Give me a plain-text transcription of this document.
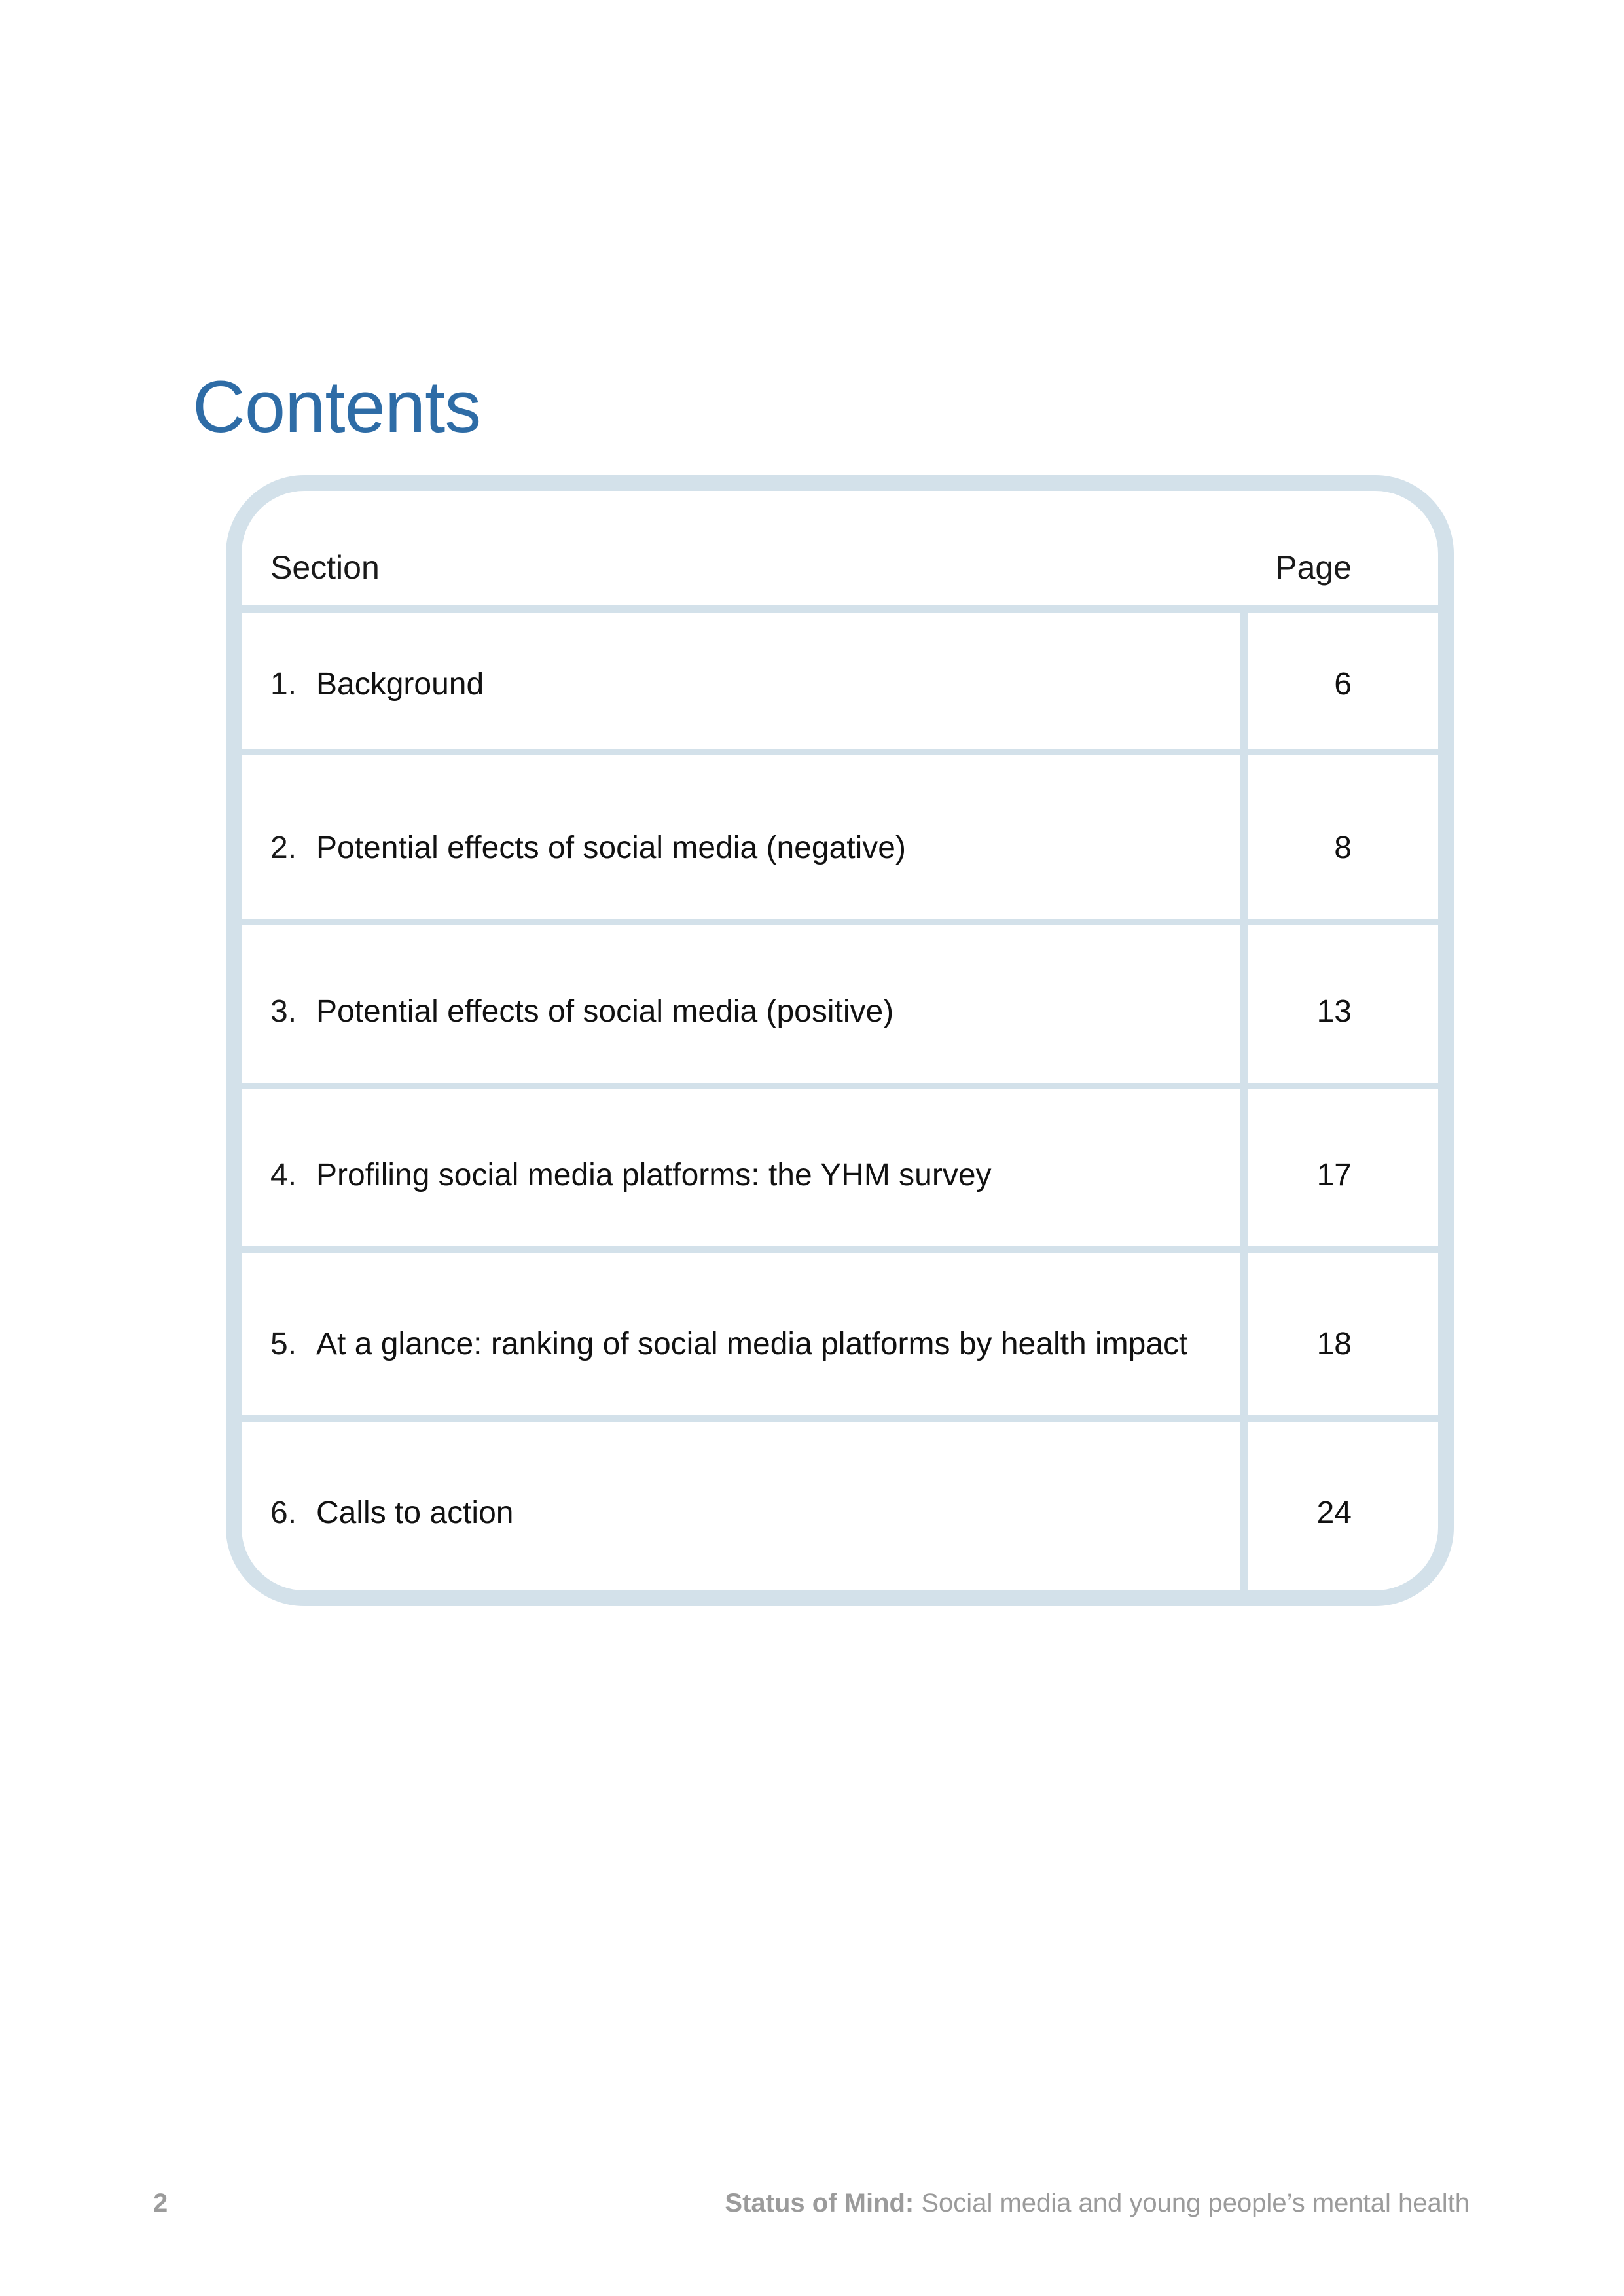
Contents
Section	Page
1. Background	6
2. Potential effects of social media (negative)	8
3. Potential effects of social media (positive)	13
4. Profiling social media platforms: the YHM survey	17
5. At a glance: ranking of social media platforms by health impact	18
6. Calls to action	24
2	Status of Mind: Social media and young people’s mental health
